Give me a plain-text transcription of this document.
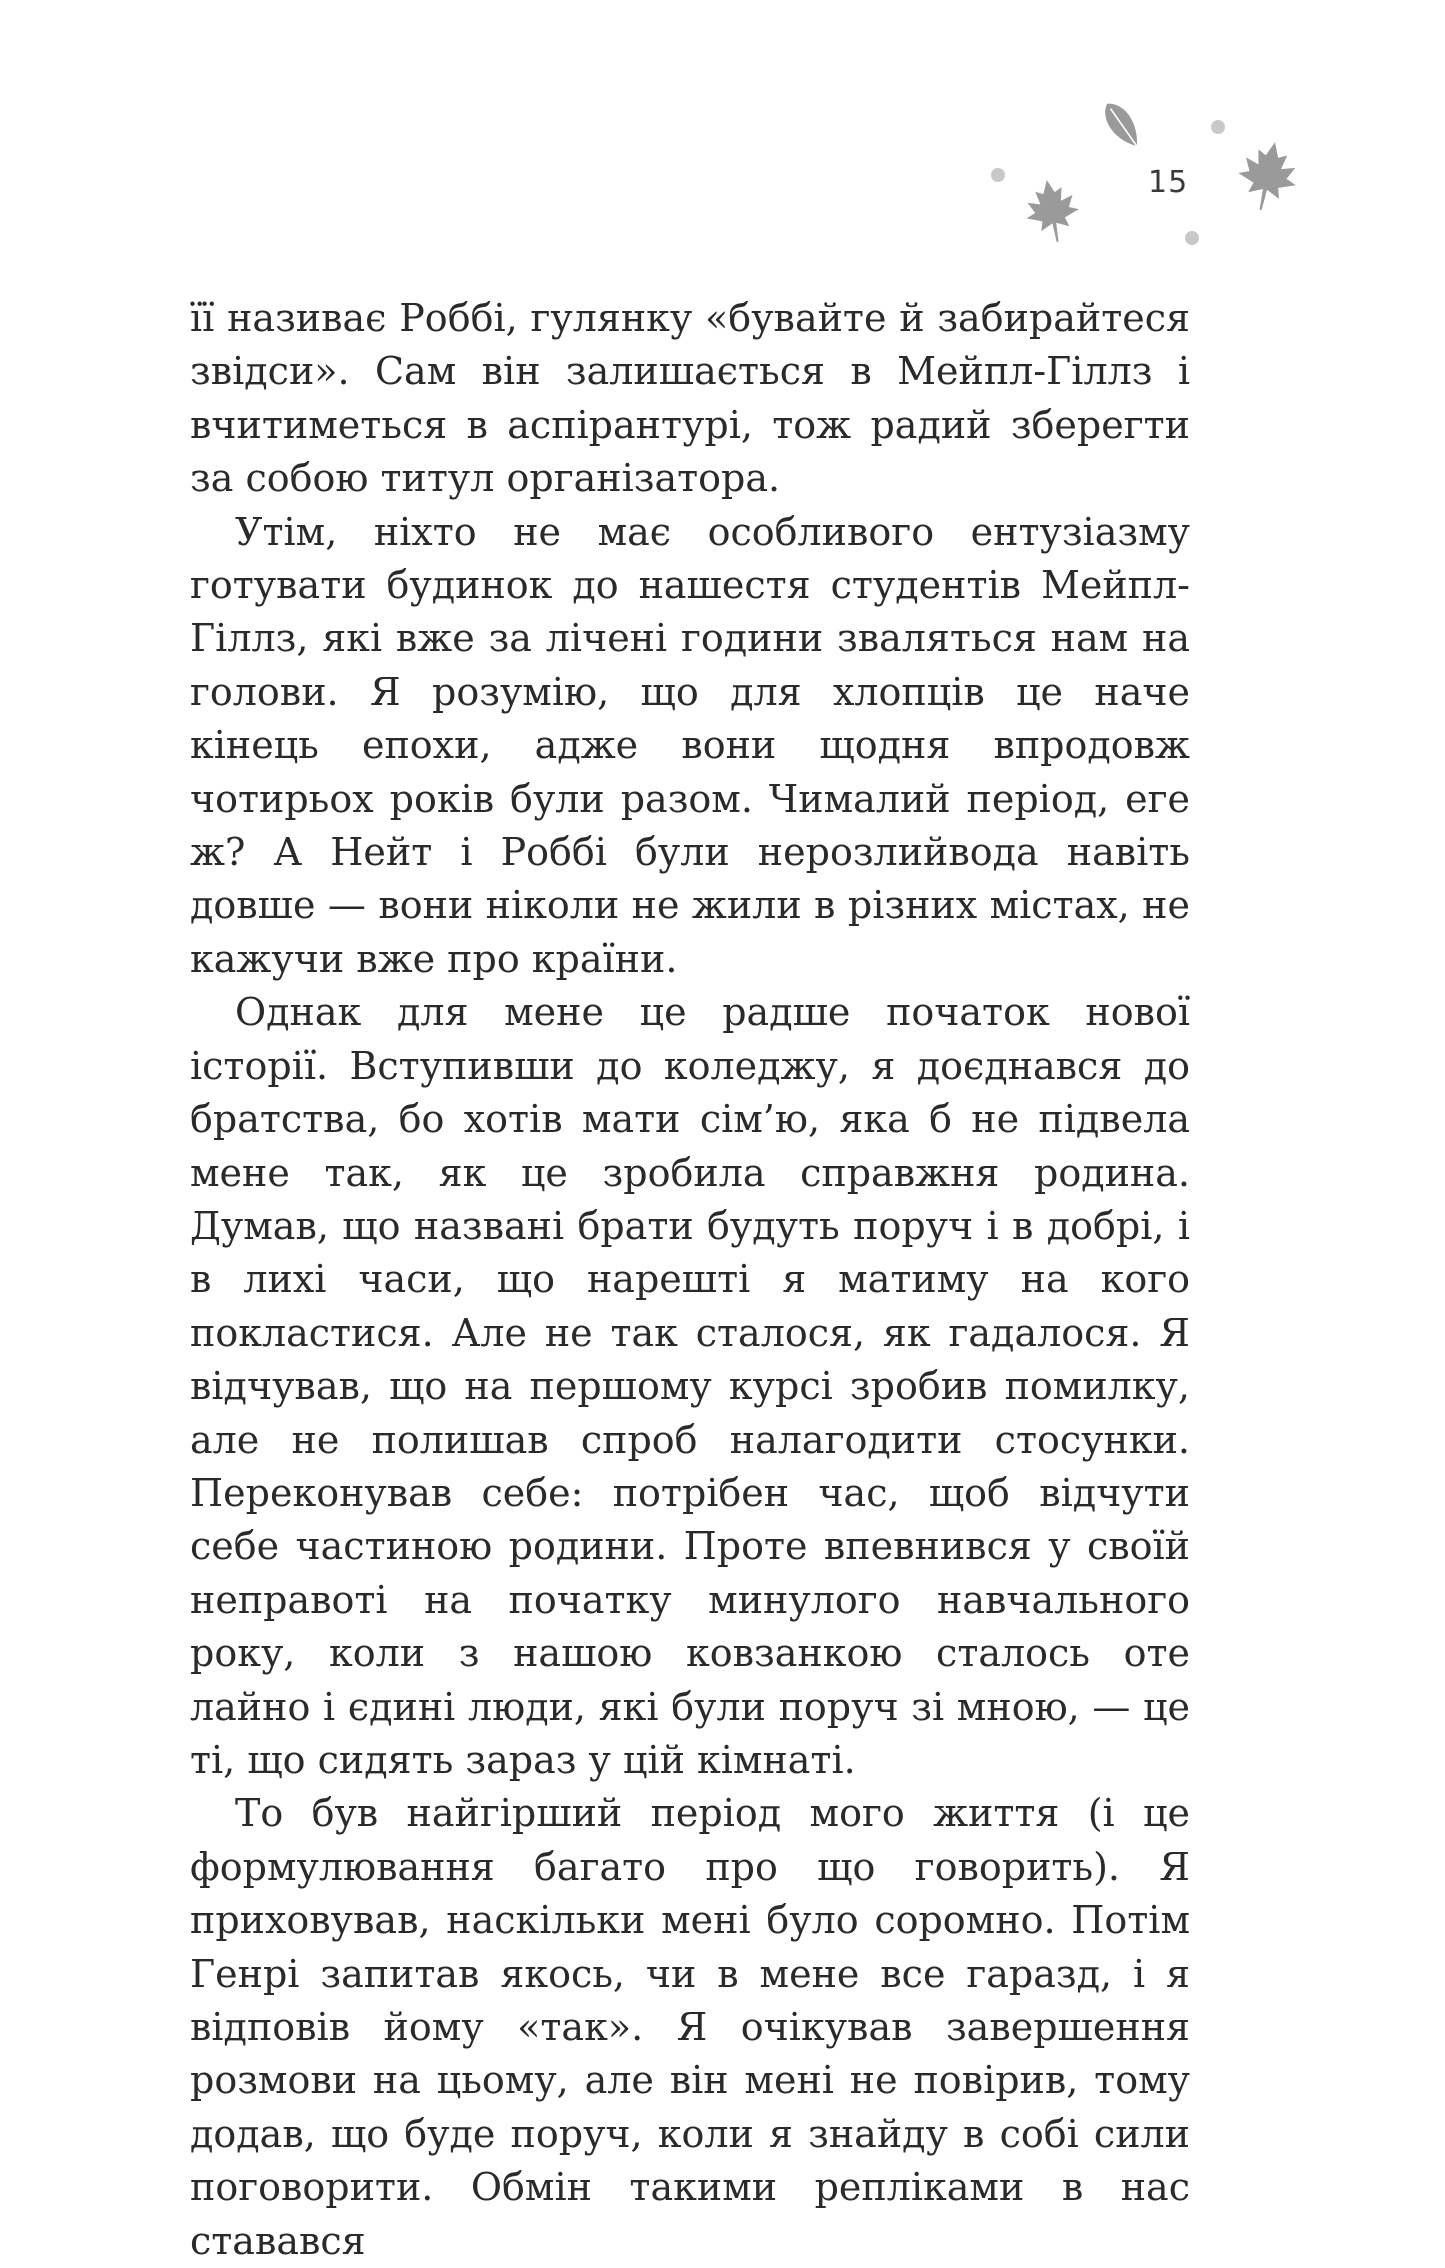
15

її називає Роббі, гулянку «бувайте й забирайтеся звідси». Сам він залишається в Мейпл-Гіллз і вчитиметься в аспірантурі, тож радий зберегти за собою титул організатора.

Утім, ніхто не має особливого ентузіазму готувати будинок до нашестя студентів Мейпл-Гіллз, які вже за лічені години звалятьcя нам на голови. Я розумію, що для хлопців це наче кінець епохи, адже вони щодня впродовж чотирьох років були разом. Чималий період, еге ж? А Нейт і Роббі були нерозлийвода навіть довше — вони ніколи не жили в різних містах, не кажучи вже про країни.

Однак для мене це радше початок нової історії. Вступивши до коледжу, я доєднався до братства, бо хотів мати сім’ю, яка б не підвела мене так, як це зробила справжня родина. Думав, що названі брати будуть поруч і в добрі, і в лихі часи, що нарешті я матиму на кого покластися. Але не так сталося, як гадалося. Я відчував, що на першому курсі зробив помилку, але не полишав спроб налагодити стосунки. Переконував себе: потрібен час, щоб відчути себе частиною родини. Проте впевнився у своїй неправоті на початку минулого навчального року, коли з нашою ковзанкою сталось оте лайно і єдині люди, які були поруч зі мною, — це ті, що сидять зараз у цій кімнаті.

То був найгірший період мого життя (і це формулювання багато про що говорить). Я приховував, наскільки мені було соромно. Потім Генрі запитав якось, чи в мене все гаразд, і я відповів йому «так». Я очікував завершення розмови на цьому, але він мені не повірив, тому додав, що буде поруч, коли я знайду в собі сили поговорити. Обмін такими репліками в нас ставався
